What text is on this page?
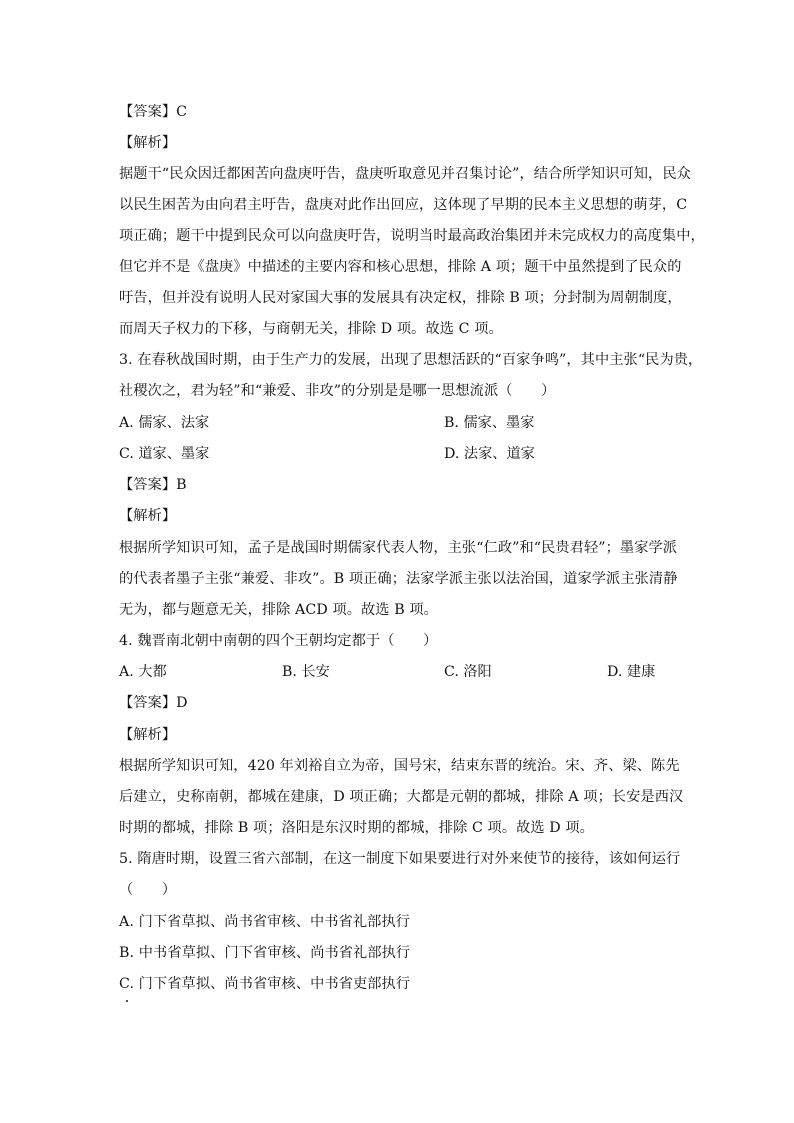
【答案】C
【解析】
据题干“民众因迁都困苦向盘庚吁告，盘庚听取意见并召集讨论”，结合所学知识可知，民众
以民生困苦为由向君主吁告，盘庚对此作出回应，这体现了早期的民本主义思想的萌芽，C
项正确；题干中提到民众可以向盘庚吁告，说明当时最高政治集团并未完成权力的高度集中，
但它并不是《盘庚》中描述的主要内容和核心思想，排除 A 项；题干中虽然提到了民众的
吁告，但并没有说明人民对家国大事的发展具有决定权，排除 B 项；分封制为周朝制度，
而周天子权力的下移，与商朝无关，排除 D 项。故选 C 项。
3. 在春秋战国时期，由于生产力的发展，出现了思想活跃的“百家争鸣”，其中主张“民为贵，
社稷次之，君为轻”和“兼爱、非攻”的分别是是哪一思想流派（　　）
A. 儒家、法家	B. 儒家、墨家
C. 道家、墨家	D. 法家、道家
【答案】B
【解析】
根据所学知识可知，孟子是战国时期儒家代表人物，主张“仁政”和“民贵君轻”；墨家学派
的代表者墨子主张“兼爱、非攻”。B 项正确；法家学派主张以法治国，道家学派主张清静
无为，都与题意无关，排除 ACD 项。故选 B 项。
4. 魏晋南北朝中南朝的四个王朝均定都于（　　）
A. 大都	B. 长安	C. 洛阳	D. 建康
【答案】D
【解析】
根据所学知识可知，420 年刘裕自立为帝，国号宋，结束东晋的统治。宋、齐、梁、陈先
后建立，史称南朝，都城在建康，D 项正确；大都是元朝的都城，排除 A 项；长安是西汉
时期的都城，排除 B 项；洛阳是东汉时期的都城，排除 C 项。故选 D 项。
5. 隋唐时期，设置三省六部制，在这一制度下如果要进行对外来使节的接待，该如何运行
（　　）
A. 门下省草拟、尚书省审核、中书省礼部执行
B. 中书省草拟、门下省审核、尚书省礼部执行
C. 门下省草拟、尚书省审核、中书省吏部执行
